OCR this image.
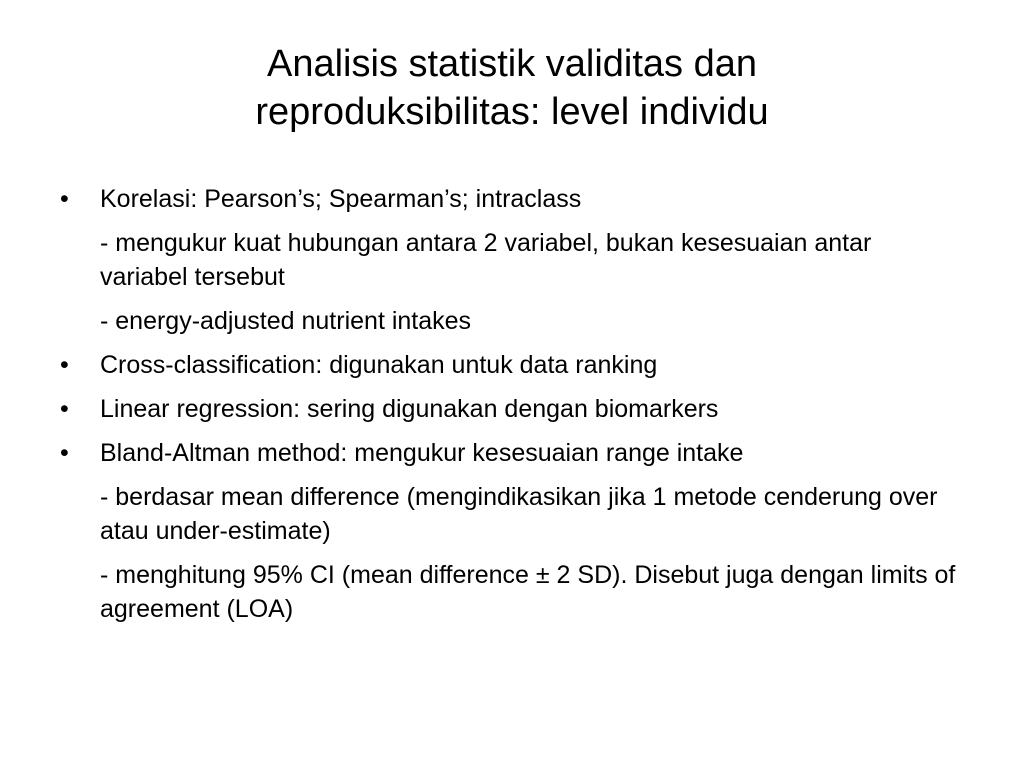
Analisis statistik validitas dan
reproduksibilitas: level individu
• Korelasi: Pearson’s; Spearman’s; intraclass
- mengukur kuat hubungan antara 2 variabel, bukan kesesuaian antar variabel tersebut
- energy-adjusted nutrient intakes
• Cross-classification: digunakan untuk data ranking
• Linear regression: sering digunakan dengan biomarkers
• Bland-Altman method: mengukur kesesuaian range intake
- berdasar mean difference (mengindikasikan jika 1 metode cenderung over atau under-estimate)
- menghitung 95% CI (mean difference ± 2 SD). Disebut juga dengan limits of agreement (LOA)
